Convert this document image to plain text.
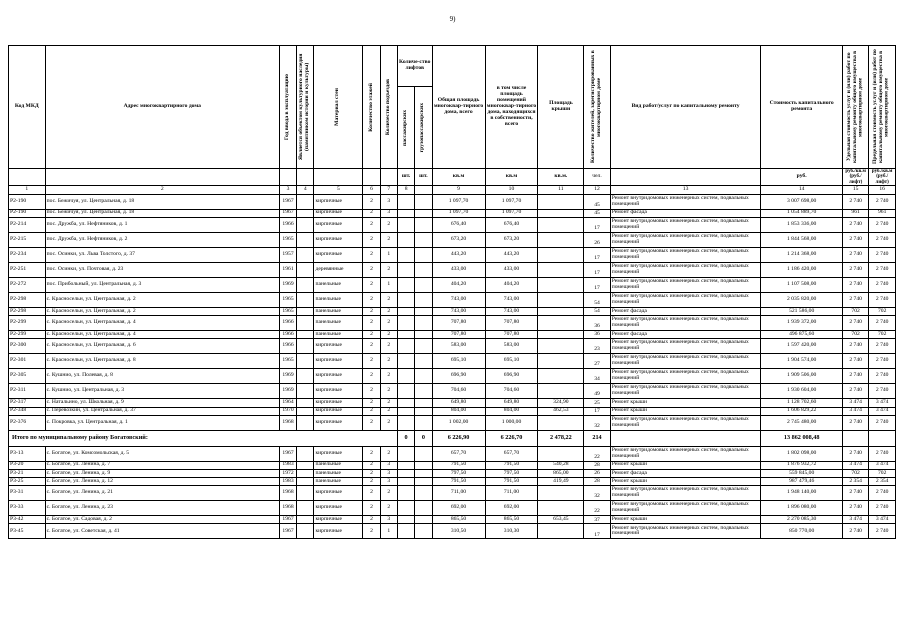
9)
Код МКД	Адрес многоквартирного дома	Год ввода в эксплуатацию	Является объектом культурного наследия (памятником истории и культуры)	Материал стен	Количество этажей	Количество подъездов	Количе-ство лифтов		Общая площадь многоквар-тирного дома, всего	в том числе площадь помещений многоквар-тирного дома, находящихся в собственности, всего	Площадь крыши	Количество жителей, зарегистрированных в многоквартирном доме	Вид работ/услуг по капитальному ремонту	Стоимость капитального ремонта	Удельная стоимость услуг и (или) работ по капитальному ремонту общего имущества в многоквартирном доме	Предельная стоимость услуг и (или) работ по капитальному ремонту общего имущества в многоквартирном доме

							пассажирских	грузопассажирских								

							шт.	шт.	кв.м	кв.м	кв.м.	чел.		руб.	руб./кв.м (руб./лифт)	руб./кв.м (руб./лифт)
1	2	3	4	5	6	7	8		9	10	11	12	13	14	15	16
Р2-190	пос. Бежичуя, ул. Центральная, д. 18	1967		кирпичные	2	3			1 097,70	1 097,70		45	Ремонт внутридомовых инженерных систем, подвальных помещений	3 007 698,00	2 740	2 740
Р2-190	пос. Бежичуя, ул. Центральная, д. 18	1967		кирпичные	2	3			1 097,70	1 097,70		45	Ремонт фасада	1 054 889,70	961	961
Р2-214	пос. Дружба, ул. Нефтяников, д. 1	1966		кирпичные	2	2			676,40	676,40		17	Ремонт внутридомовых инженерных систем, подвальных помещений	1 853 336,00	2 740	2 740
Р2-215	пос. Дружба, ул. Нефтяников, д. 2	1965		кирпичные	2	2			673,20	673,20		26	Ремонт внутридомовых инженерных систем, подвальных помещений	1 844 568,00	2 740	2 740
Р2-234	пос. Осинки, ул. Льва Толстого, д. 37	1957		кирпичные	2	1			443,20	443,20		17	Ремонт внутридомовых инженерных систем, подвальных помещений	1 214 368,00	2 740	2 740
Р2-251	пос. Осинки, ул. Почтовая, д. 23	1961		деревянные	2	2			433,00	433,00		17	Ремонт внутридомовых инженерных систем, подвальных помещений	1 186 420,00	2 740	2 740
Р2-272	пос. Прибольный, ул. Центральная, д. 3	1969		панельные	2	1			404,20	404,20		17	Ремонт внутридомовых инженерных систем, подвальных помещений	1 107 508,00	2 740	2 740
Р2-298	с. Красносельн, ул. Центральная, д. 2	1965		панельные	2	2			743,00	743,00		54	Ремонт внутридомовых инженерных систем, подвальных помещений	2 035 820,00	2 740	2 740
Р2-298	с. Красносельн, ул. Центральная, д. 2	1965		панельные	2	2			743,00	743,00		54	Ремонт фасада	521 586,00	702	702
Р2-299	с. Красносельн, ул. Центральная, д. 4	1966		панельные	2	2			707,80	707,80		36	Ремонт внутридомовых инженерных систем, подвальных помещений	1 939 372,00	2 740	2 740
Р2-299	с. Красносельн, ул. Центральная, д. 4	1966		панельные	2	2			707,80	707,80		36	Ремонт фасада	496 875,60	702	702
Р2-300	с. Красносельн, ул. Центральная, д. 6	1966		кирпичные	2	2			583,00	583,00		23	Ремонт внутридомовых инженерных систем, подвальных помещений	1 597 420,00	2 740	2 740
Р2-301	с. Красносельн, ул. Центральная, д. 8	1965		кирпичные	2	2			695,10	695,10		27	Ремонт внутридомовых инженерных систем, подвальных помещений	1 904 574,00	2 740	2 740
Р2-305	с. Кушнио, ул. Полевая, д. 8	1969		кирпичные	2	2			696,90	696,90		34	Ремонт внутридомовых инженерных систем, подвальных помещений	1 909 506,00	2 740	2 740
Р2-311	с. Кушнио, ул. Центральная, д. 3	1969		кирпичные	2	2			704,60	704,60		49	Ремонт внутридомовых инженерных систем, подвальных помещений	1 930 604,00	2 740	2 740
Р2-317	с. Натальино, ул. Школьная, д. 9	1964		кирпичные	2	2			649,80	649,80	324,90	25	Ремонт крыши	1 128 702,60	3 474	3 474
Р2-348	с. Перевозкин, ул. Центральная, д. 37	1970		кирпичные	2	2			804,00	804,00	462,53	17	Ремонт крыши	1 606 829,22	3 474	3 474
Р2-376	с. Покровка, ул. Центральная, д. 1	1968		кирпичные	2	2			1 002,00	1 000,00		32	Ремонт внутридомовых инженерных систем, подвальных помещений	2 745 480,00	2 740	2 740
Итого по муниципальному району Богатовский:							0	0	6 226,90	6 226,70	2 478,22	214		13 862 008,48		
Р3-13	с. Богатое, ул. Комсомольская, д. 5	1967		кирпичные	2	2			657,70	657,70		22	Ремонт внутридомовых инженерных систем, подвальных помещений	1 802 098,00	2 740	2 740
Р3-20	с. Богатое, ул. Ленина, д. 7	1983		панельные	2	3			791,50	791,50	540,28	28	Ремонт крыши	1 876 932,72	3 474	3 474
Р3-21	с. Богатое, ул. Ленина, д. 9	1972		панельные	2	3			797,50	797,50	865,00	26	Ремонт фасада	559 845,00	702	702
Р3-25	с. Богатое, ул. Ленина, д. 12	1983		панельные	2	3			791,50	791,50	419,49	28	Ремонт крыши	987 479,46	2 354	2 354
Р3-31	с. Богатое, ул. Ленина, д. 21	1968		кирпичные	2	2			711,00	711,00		32	Ремонт внутридомовых инженерных систем, подвальных помещений	1 948 140,00	2 740	2 740
Р3-33	с. Богатое, ул. Ленина, д. 23	1968		кирпичные	2	2			692,00	692,00		22	Ремонт внутридомовых инженерных систем, подвальных помещений	1 896 080,00	2 740	2 740
Р3-42	с. Богатое, ул. Садовая, д. 2	1967		кирпичные	2	3			865,50	865,50	653,45	37	Ремонт крыши	2 270 085,30	3 474	3 474
Р3-45	с. Богатое, ул. Советская, д. 41	1967		кирпичные	2	1			310,50	310,30		17	Ремонт внутридомовых инженерных систем, подвальных помещений	850 770,00	2 740	2 740
